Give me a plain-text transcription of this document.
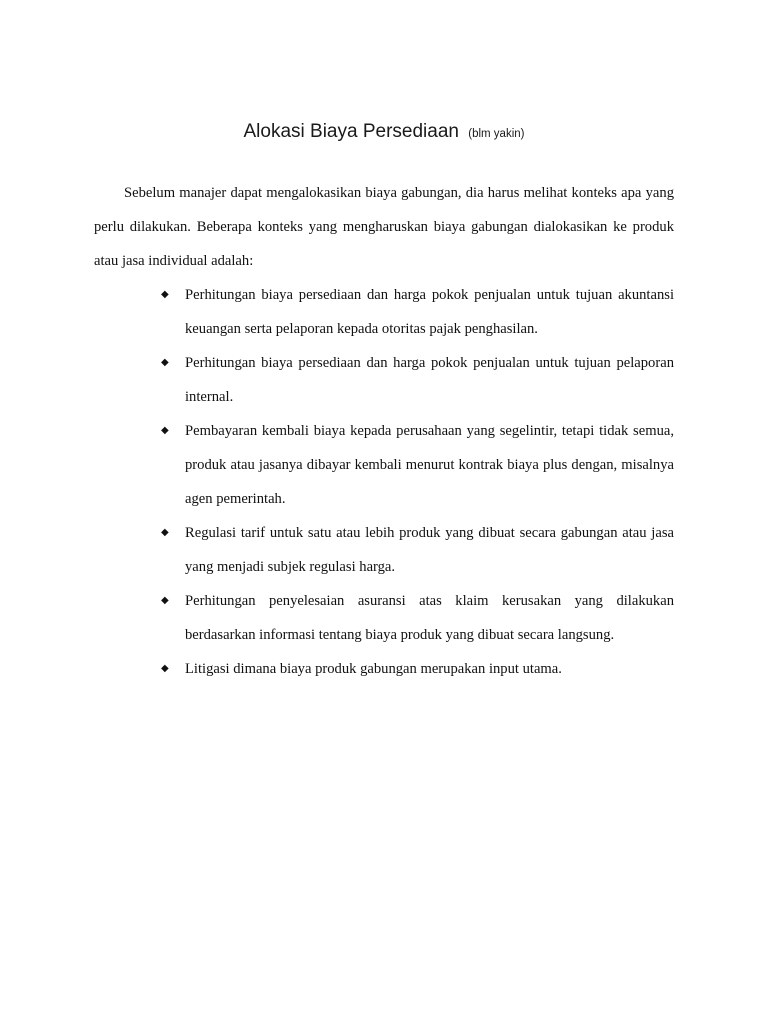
Alokasi Biaya Persediaan (blm yakin)

Sebelum manajer dapat mengalokasikan biaya gabungan, dia harus melihat konteks apa yang perlu dilakukan. Beberapa konteks yang mengharuskan biaya gabungan dialokasikan ke produk atau jasa individual adalah:

◆ Perhitungan biaya persediaan dan harga pokok penjualan untuk tujuan akuntansi keuangan serta pelaporan kepada otoritas pajak penghasilan.
◆ Perhitungan biaya persediaan dan harga pokok penjualan untuk tujuan pelaporan internal.
◆ Pembayaran kembali biaya kepada perusahaan yang segelintir, tetapi tidak semua, produk atau jasanya dibayar kembali menurut kontrak biaya plus dengan, misalnya agen pemerintah.
◆ Regulasi tarif untuk satu atau lebih produk yang dibuat secara gabungan atau jasa yang menjadi subjek regulasi harga.
◆ Perhitungan penyelesaian asuransi atas klaim kerusakan yang dilakukan berdasarkan informasi tentang biaya produk yang dibuat secara langsung.
◆ Litigasi dimana biaya produk gabungan merupakan input utama.
